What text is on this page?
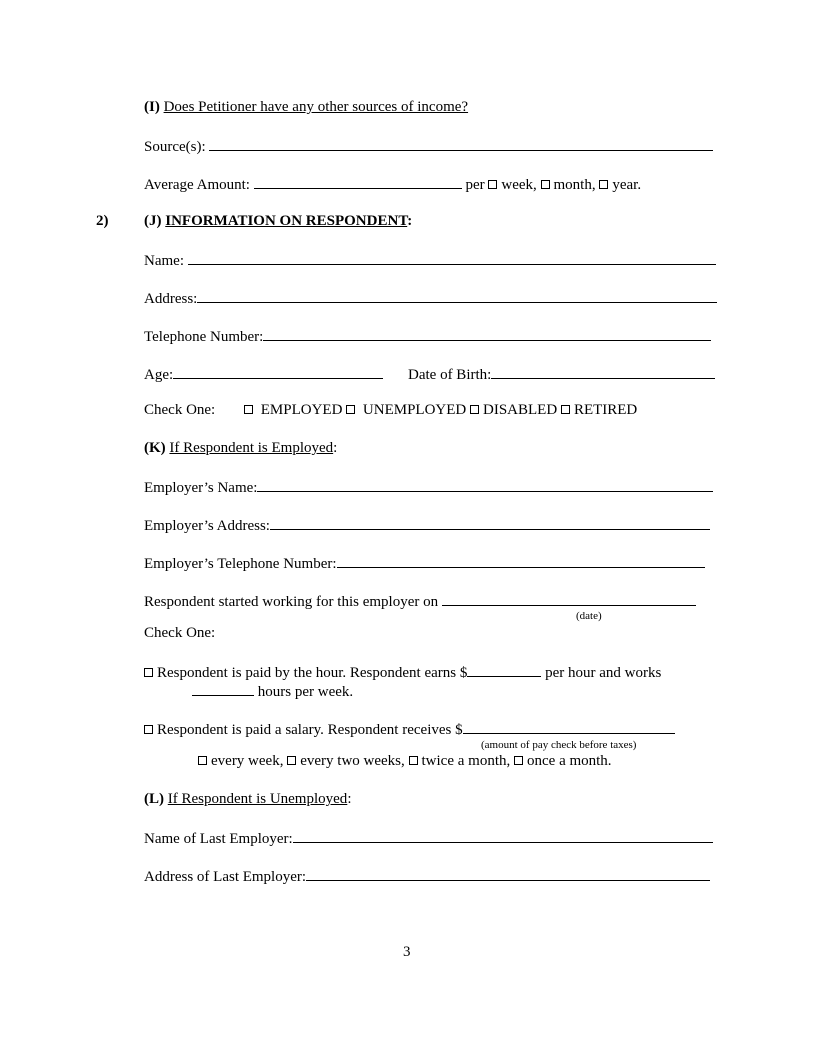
(I) Does Petitioner have any other sources of income?
Source(s):
Average Amount:	per week, month, year.
2) (J) INFORMATION ON RESPONDENT:
Name:
Address:
Telephone Number:
Age:	Date of Birth:
Check One:	EMPLOYED UNEMPLOYED DISABLED RETIRED
(K) If Respondent is Employed:
Employer’s Name:
Employer’s Address:
Employer’s Telephone Number:
Respondent started working for this employer on
(date)
Check One:
Respondent is paid by the hour. Respondent earns $	per hour and works
hours per week.
Respondent is paid a salary. Respondent receives $
(amount of pay check before taxes)
every week, every two weeks, twice a month, once a month.
(L) If Respondent is Unemployed:
Name of Last Employer:
Address of Last Employer:
3
